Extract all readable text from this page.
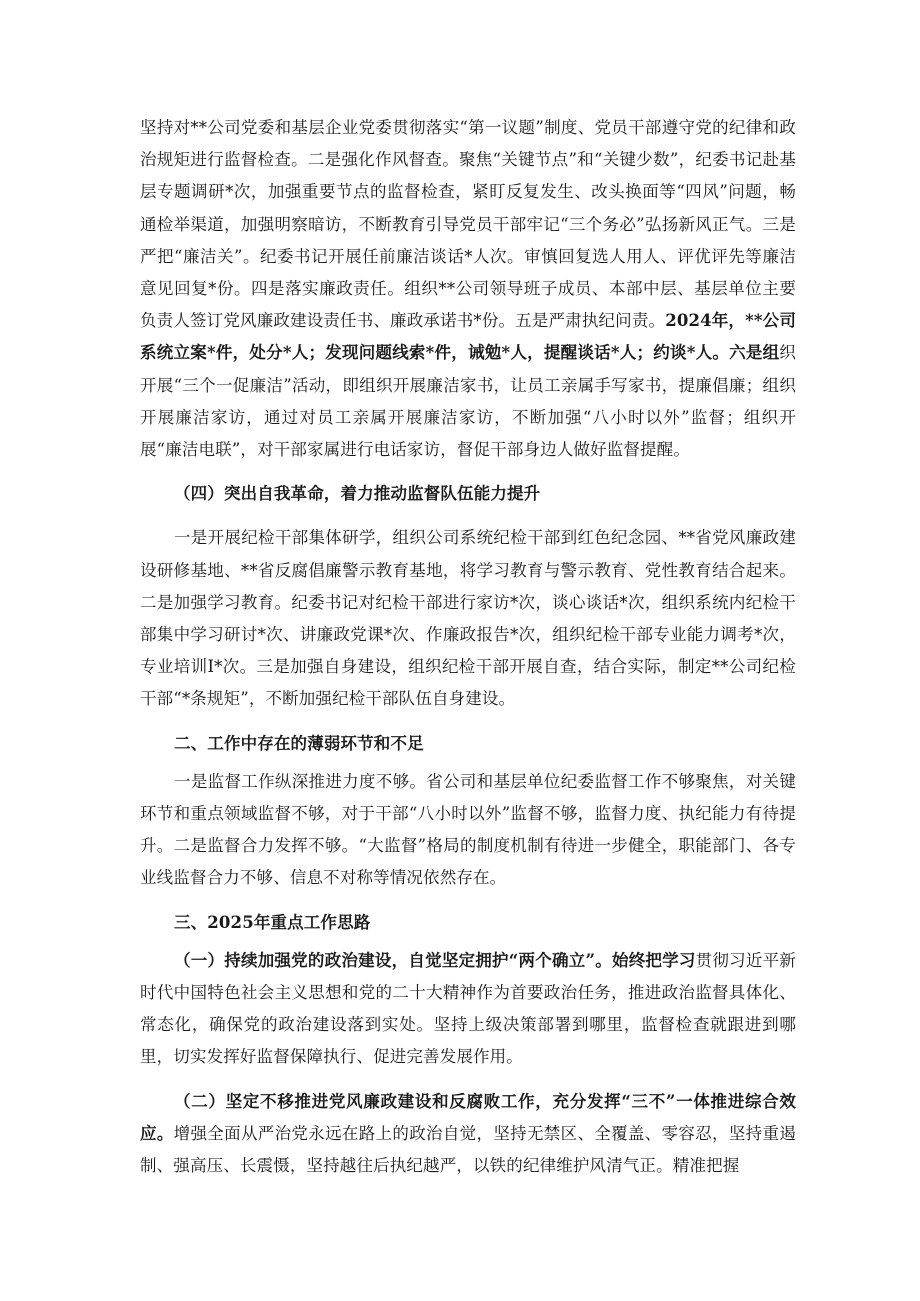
坚持对**公司党委和基层企业党委贯彻落实“第一议题”制度、党员干部遵守党的纪律和政治规矩进行监督检查。二是强化作风督查。聚焦“关键节点”和“关键少数”，纪委书记赴基层专题调研*次，加强重要节点的监督检查，紧盯反复发生、改头换面等“四风”问题，畅通检举渠道，加强明察暗访，不断教育引导党员干部牢记“三个务必”弘扬新风正气。三是严把“廉洁关”。纪委书记开展任前廉洁谈话*人次。审慎回复选人用人、评优评先等廉洁意见回复*份。四是落实廉政责任。组织**公司领导班子成员、本部中层、基层单位主要负责人签订党风廉政建设责任书、廉政承诺书*份。五是严肃执纪问责。2024年，**公司系统立案*件，处分*人；发现问题线索*件，诫勉*人，提醒谈话*人；约谈*人。六是组织开展“三个一促廉洁”活动，即组织开展廉洁家书，让员工亲属手写家书，提廉倡廉；组织开展廉洁家访，通过对员工亲属开展廉洁家访，不断加强“八小时以外”监督；组织开展“廉洁电联”，对干部家属进行电话家访，督促干部身边人做好监督提醒。

（四）突出自我革命，着力推动监督队伍能力提升

一是开展纪检干部集体研学，组织公司系统纪检干部到红色纪念园、**省党风廉政建设研修基地、**省反腐倡廉警示教育基地，将学习教育与警示教育、党性教育结合起来。二是加强学习教育。纪委书记对纪检干部进行家访*次，谈心谈话*次，组织系统内纪检干部集中学习研讨*次、讲廉政党课*次、作廉政报告*次，组织纪检干部专业能力调考*次，专业培训I*次。三是加强自身建设，组织纪检干部开展自查，结合实际，制定**公司纪检干部“*条规矩”，不断加强纪检干部队伍自身建设。

二、工作中存在的薄弱环节和不足

一是监督工作纵深推进力度不够。省公司和基层单位纪委监督工作不够聚焦，对关键环节和重点领域监督不够，对于干部“八小时以外”监督不够，监督力度、执纪能力有待提升。二是监督合力发挥不够。“大监督”格局的制度机制有待进一步健全，职能部门、各专业线监督合力不够、信息不对称等情况依然存在。

三、2025年重点工作思路

（一）持续加强党的政治建设，自觉坚定拥护“两个确立”。始终把学习贯彻习近平新时代中国特色社会主义思想和党的二十大精神作为首要政治任务，推进政治监督具体化、常态化，确保党的政治建设落到实处。坚持上级决策部署到哪里，监督检查就跟进到哪里，切实发挥好监督保障执行、促进完善发展作用。

（二）坚定不移推进党风廉政建设和反腐败工作，充分发挥“三不”一体推进综合效应。增强全面从严治党永远在路上的政治自觉，坚持无禁区、全覆盖、零容忍，坚持重遏制、强高压、长震慑，坚持越往后执纪越严，以铁的纪律维护风清气正。精准把握
